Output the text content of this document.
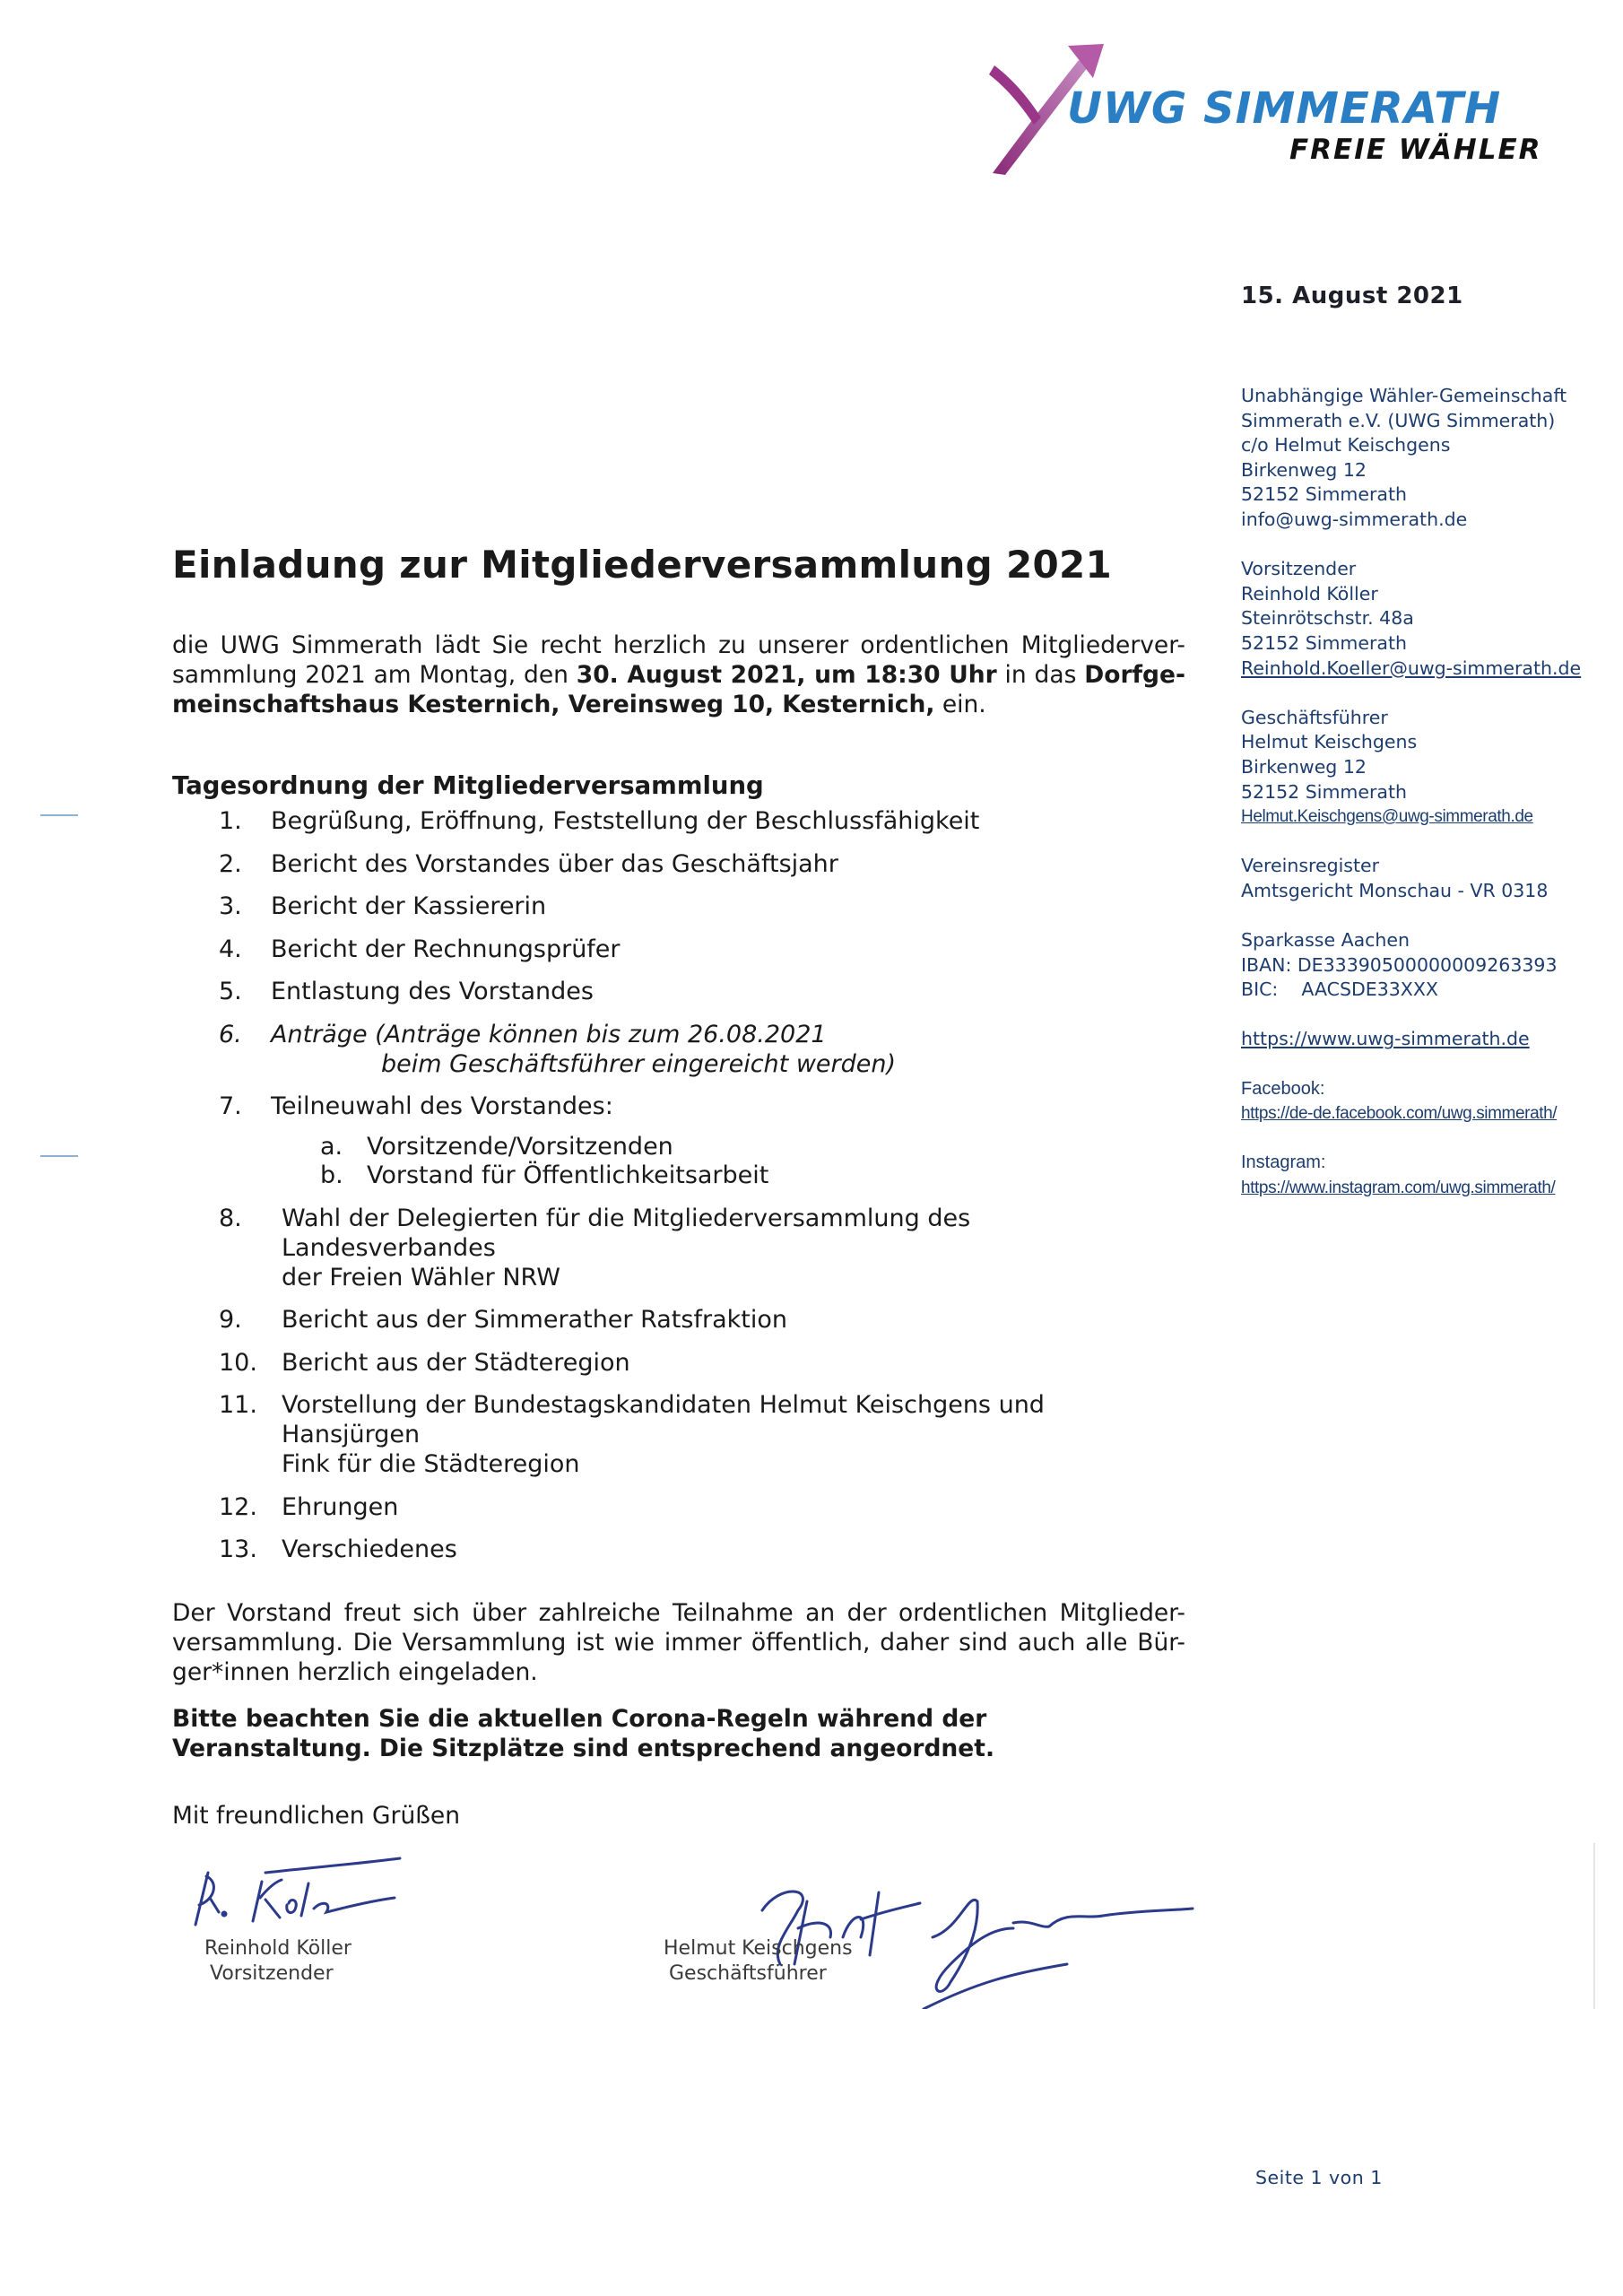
UWG SIMMERATH
FREIE WÄHLER
15. August 2021
Unabhängige Wähler-Gemeinschaft
Simmerath e.V. (UWG Simmerath)
c/o Helmut Keischgens
Birkenweg 12
52152 Simmerath
info@uwg-simmerath.de
Vorsitzender
Reinhold Köller
Steinrötschstr. 48a
52152 Simmerath
Reinhold.Koeller@uwg-simmerath.de
Geschäftsführer
Helmut Keischgens
Birkenweg 12
52152 Simmerath
Helmut.Keischgens@uwg-simmerath.de
Vereinsregister
Amtsgericht Monschau - VR 0318
Sparkasse Aachen
IBAN: DE33390500000009263393
BIC:    AACSDE33XXX
https://www.uwg-simmerath.de
Facebook:
https://de-de.facebook.com/uwg.simmerath/
Instagram:
https://www.instagram.com/uwg.simmerath/
Einladung zur Mitgliederversammlung 2021
die UWG Simmerath lädt Sie recht herzlich zu unserer ordentlichen Mitgliederver-sammlung 2021 am Montag, den 30. August 2021, um 18:30 Uhr in das Dorfge-meinschaftshaus Kesternich, Vereinsweg 10, Kesternich, ein.
Tagesordnung der Mitgliederversammlung
1.	Begrüßung, Eröffnung, Feststellung der Beschlussfähigkeit
2.	Bericht des Vorstandes über das Geschäftsjahr
3.	Bericht der Kassiererin
4.	Bericht der Rechnungsprüfer
5.	Entlastung des Vorstandes
6.	Anträge (Anträge können bis zum 26.08.2021

beim Geschäftsführer eingereicht werden)
7.	Teilneuwahl des Vorstandes:
a. Vorsitzende/Vorsitzenden
b. Vorstand für Öffentlichkeitsarbeit
8.	Wahl der Delegierten für die Mitgliederversammlung des Landesverbandes
der Freien Wähler NRW
9.	Bericht aus der Simmerather Ratsfraktion
10. Bericht aus der Städteregion
11. Vorstellung der Bundestagskandidaten Helmut Keischgens und Hansjürgen
Fink für die Städteregion
12. Ehrungen
13. Verschiedenes
Der Vorstand freut sich über zahlreiche Teilnahme an der ordentlichen Mitglieder-versammlung. Die Versammlung ist wie immer öffentlich, daher sind auch alle Bür-ger*innen herzlich eingeladen.
Bitte beachten Sie die aktuellen Corona-Regeln während der Veranstaltung. Die Sitzplätze sind entsprechend angeordnet.
Mit freundlichen Grüßen
Reinhold Köller
Vorsitzender
Helmut Keischgens
Geschäftsführer
Seite 1 von 1
